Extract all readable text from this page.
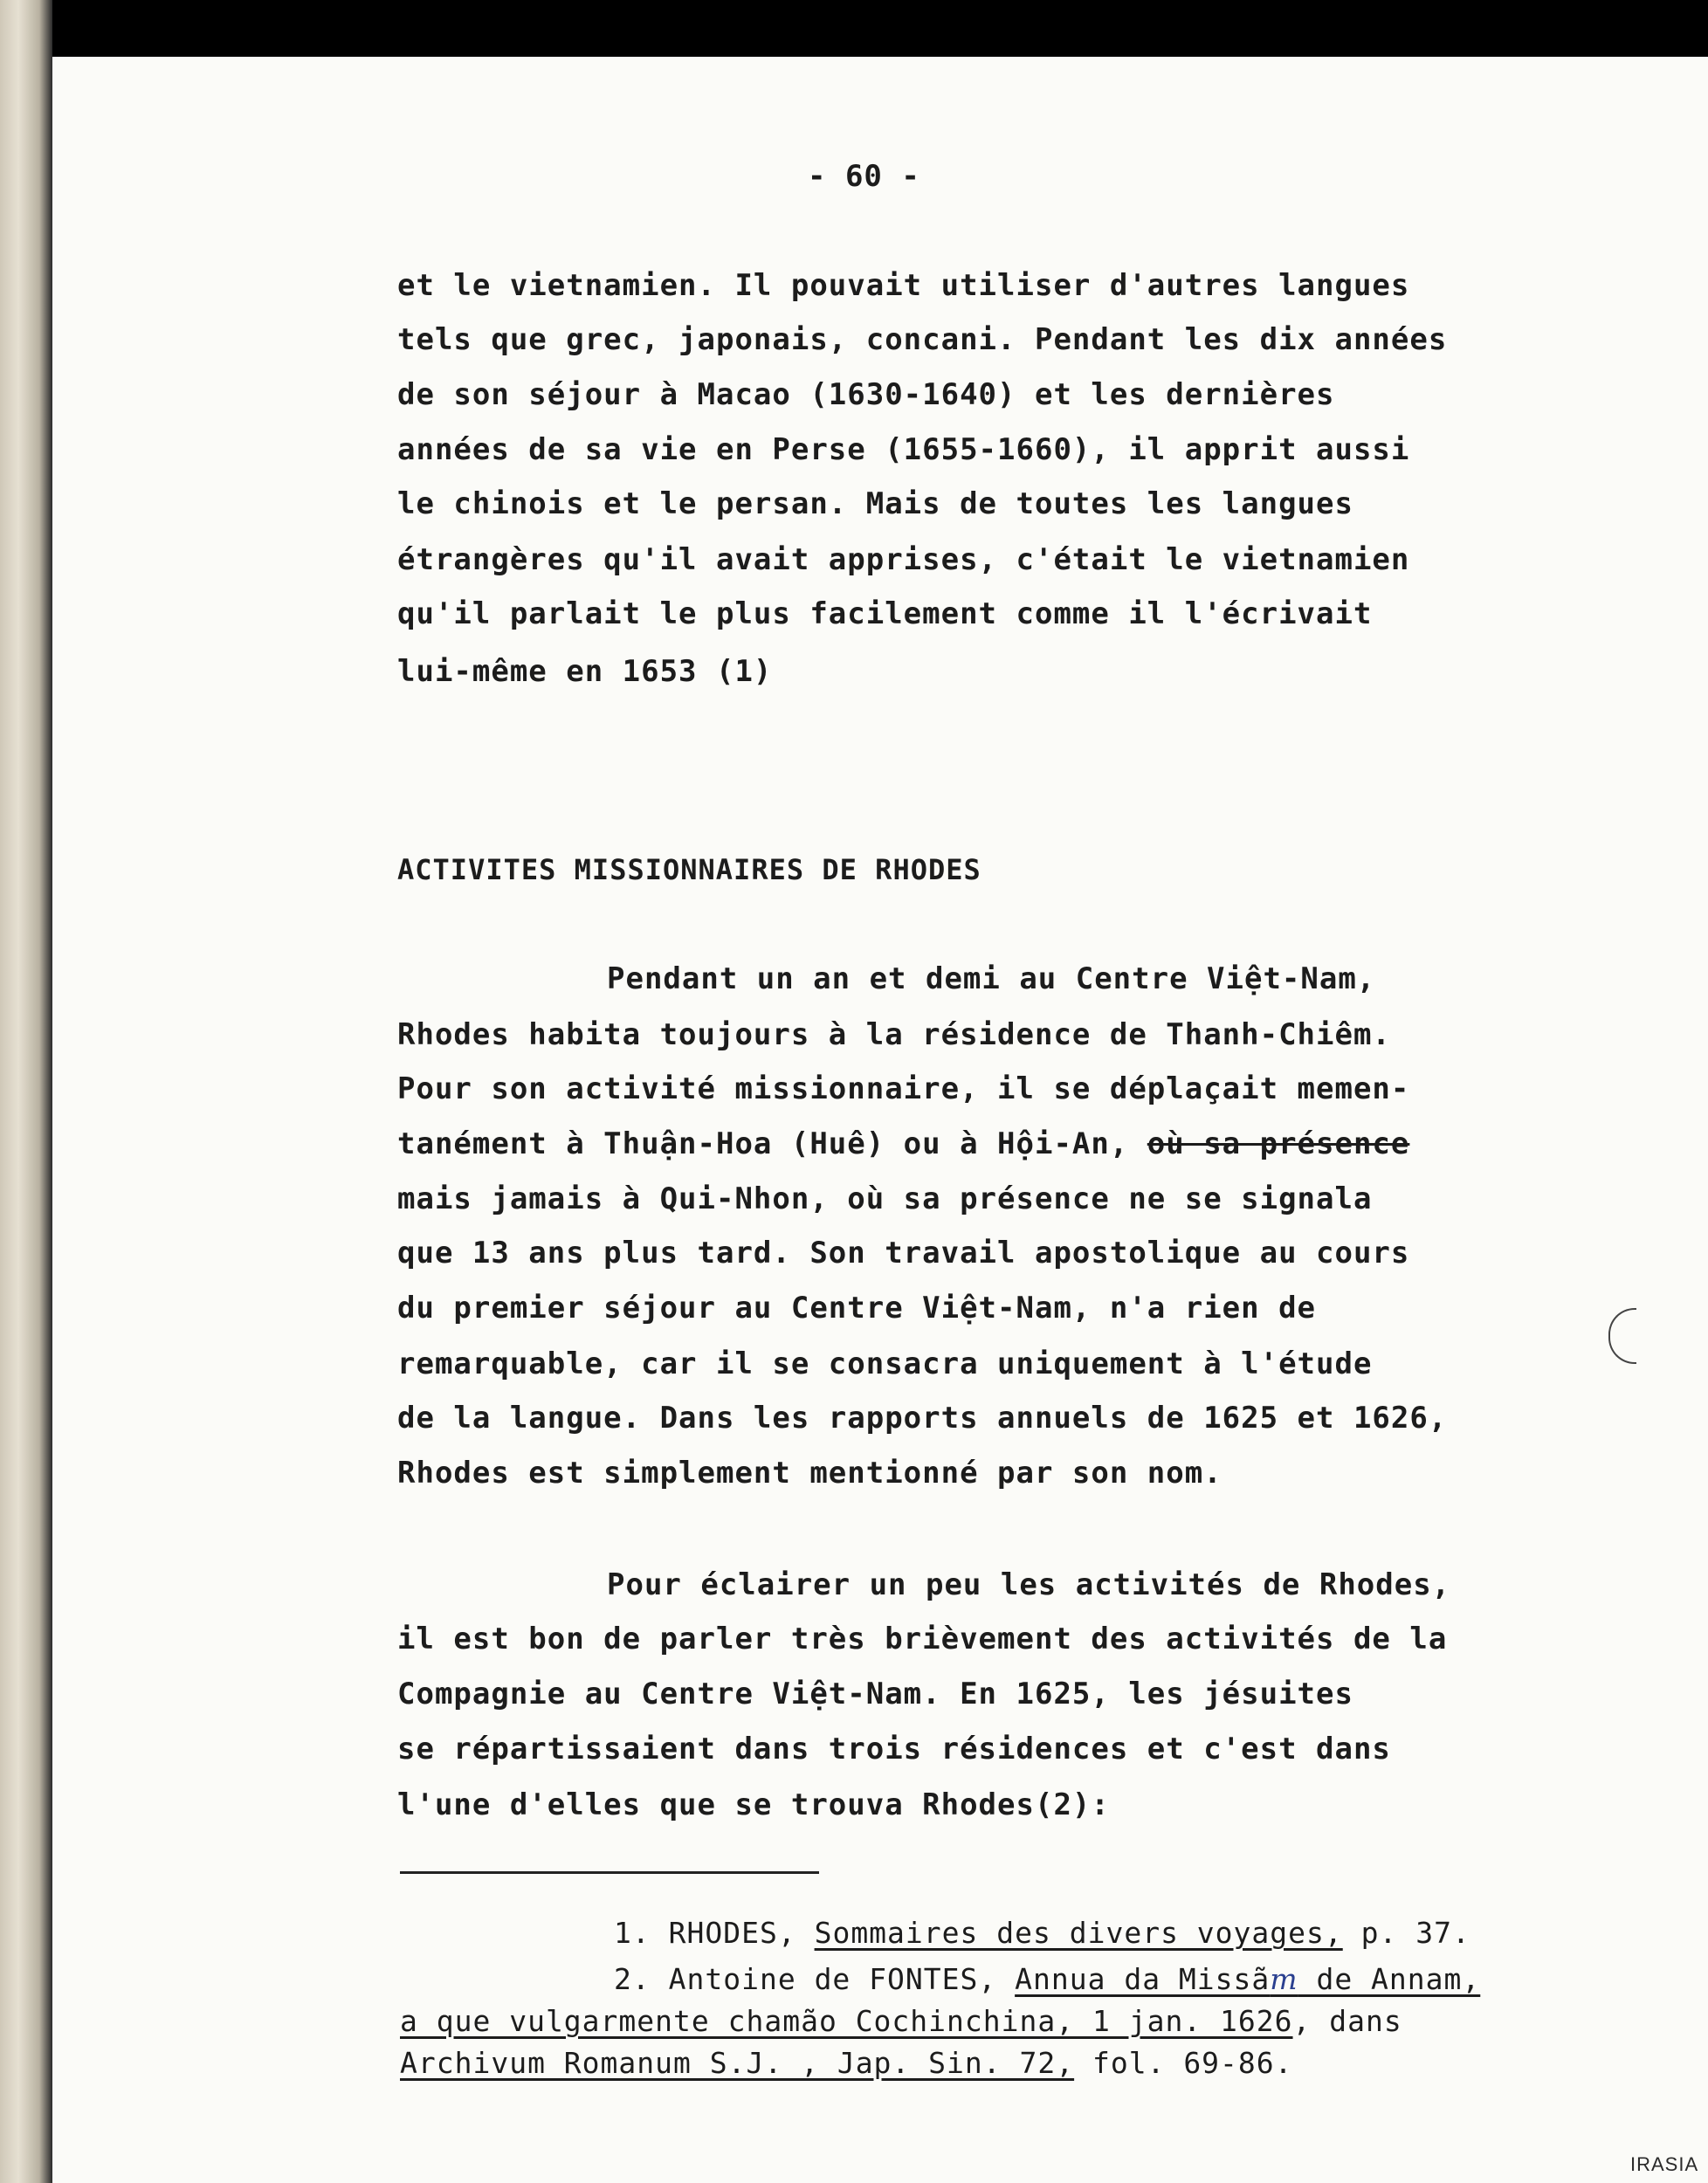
- 60 -

et le vietnamien. Il pouvait utiliser d'autres langues

tels que grec, japonais, concani. Pendant les dix années

de son séjour à Macao (1630-1640) et les dernières

années de sa vie en Perse (1655-1660), il apprit aussi

le chinois et le persan. Mais de toutes les langues

étrangères qu'il avait apprises, c'était le vietnamien

qu'il parlait le plus facilement comme il l'écrivait

lui-même en 1653 (1)

ACTIVITES MISSIONNAIRES DE RHODES

Pendant un an et demi au Centre Việt-Nam,

Rhodes habita toujours à la résidence de Thanh-Chiêm.

Pour son activité missionnaire, il se déplaçait memen-

tanément à Thuận-Hoa (Huê) ou à Hội-An, où sa présence

mais jamais à Qui-Nhon, où sa présence ne se signala

que 13 ans plus tard. Son travail apostolique au cours

du premier séjour au Centre Việt-Nam, n'a rien de

remarquable, car il se consacra uniquement à l'étude

de la langue. Dans les rapports annuels de 1625 et 1626,

Rhodes est simplement mentionné par son nom.

Pour éclairer un peu les activités de Rhodes,

il est bon de parler très brièvement des activités de la

Compagnie au Centre Việt-Nam. En 1625, les jésuites

se répartissaient dans trois résidences et c'est dans

l'une d'elles que se trouva Rhodes(2):

1. RHODES, Sommaires des divers voyages, p. 37.

2. Antoine de FONTES, Annua da Missãm de Annam,

a que vulgarmente chamão Cochinchina, 1 jan. 1626, dans

Archivum Romanum S.J. , Jap. Sin. 72, fol. 69-86.

IRASIA
